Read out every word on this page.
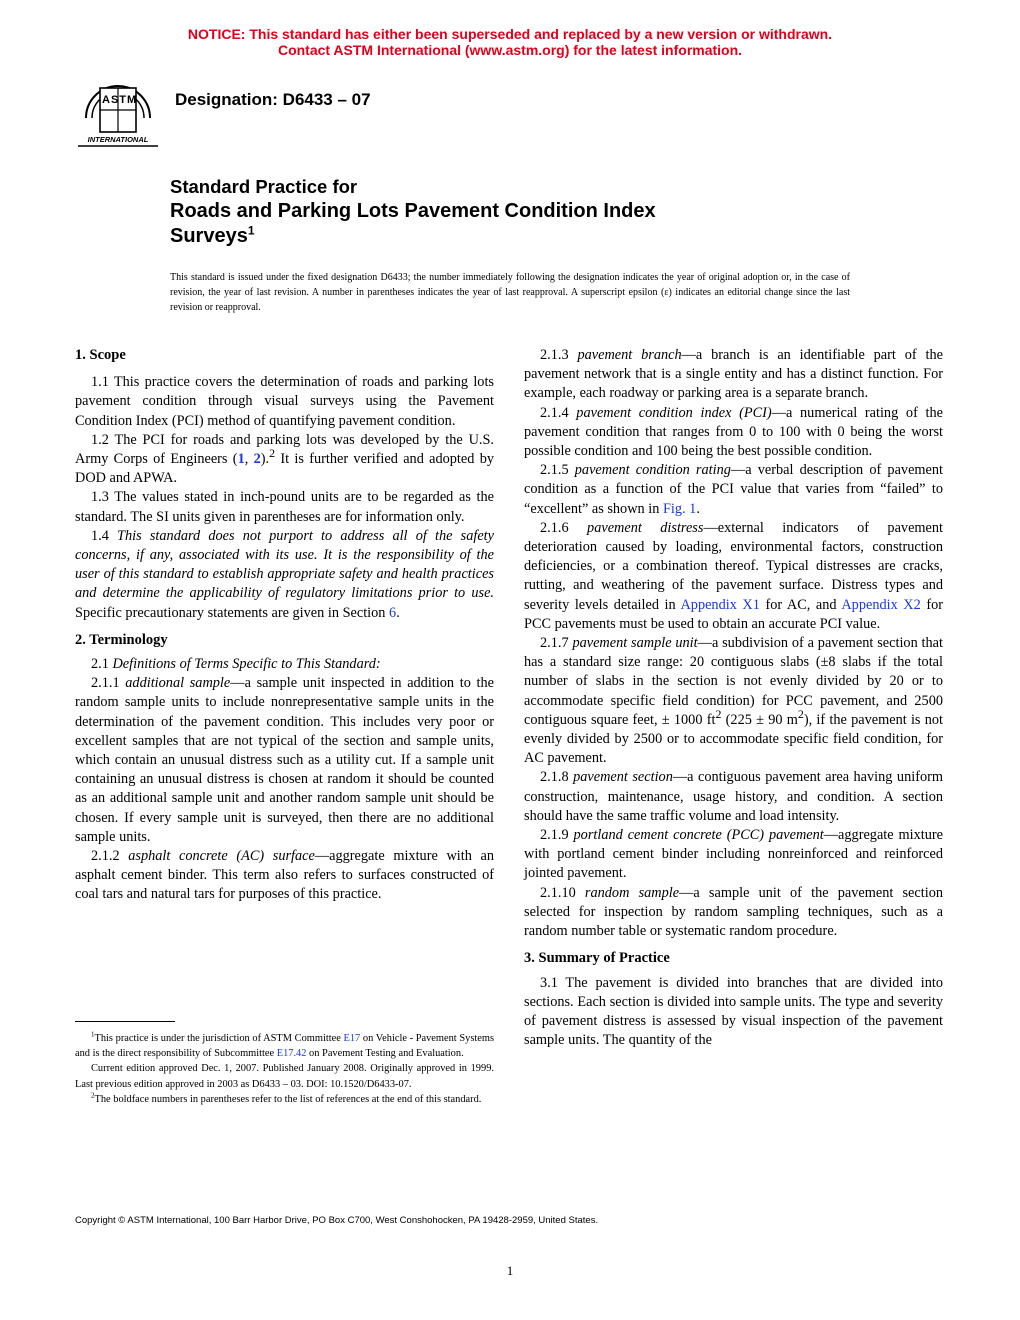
NOTICE: This standard has either been superseded and replaced by a new version or withdrawn.
Contact ASTM International (www.astm.org) for the latest information.
ASTM
INTERNATIONAL
Designation: D6433 – 07
Standard Practice for
Roads and Parking Lots Pavement Condition Index
Surveys$^1$
This standard is issued under the fixed designation D6433; the number immediately following the designation indicates the year of original adoption or, in the case of revision, the year of last revision. A number in parentheses indicates the year of last reapproval. A superscript epsilon (ε) indicates an editorial change since the last revision or reapproval.
1. Scope

1.1 This practice covers the determination of roads and parking lots pavement condition through visual surveys using the Pavement Condition Index (PCI) method of quantifying pavement condition.

1.2 The PCI for roads and parking lots was developed by the U.S. Army Corps of Engineers (1, 2).$^2$ It is further verified and adopted by DOD and APWA.

1.3 The values stated in inch-pound units are to be regarded as the standard. The SI units given in parentheses are for information only.

1.4 This standard does not purport to address all of the safety concerns, if any, associated with its use. It is the responsibility of the user of this standard to establish appropriate safety and health practices and determine the applicability of regulatory limitations prior to use. Specific precautionary statements are given in Section 6.

2. Terminology

2.1 Definitions of Terms Specific to This Standard:

2.1.1 additional sample—a sample unit inspected in addition to the random sample units to include nonrepresentative sample units in the determination of the pavement condition. This includes very poor or excellent samples that are not typical of the section and sample units, which contain an unusual distress such as a utility cut. If a sample unit containing an unusual distress is chosen at random it should be counted as an additional sample unit and another random sample unit should be chosen. If every sample unit is surveyed, then there are no additional sample units.

2.1.2 asphalt concrete (AC) surface—aggregate mixture with an asphalt cement binder. This term also refers to surfaces constructed of coal tars and natural tars for purposes of this practice.

$^1$This practice is under the jurisdiction of ASTM Committee E17 on Vehicle - Pavement Systems and is the direct responsibility of Subcommittee E17.42 on Pavement Testing and Evaluation.

Current edition approved Dec. 1, 2007. Published January 2008. Originally approved in 1999. Last previous edition approved in 2003 as D6433 – 03. DOI: 10.1520/D6433-07.

$^2$The boldface numbers in parentheses refer to the list of references at the end of this standard.

2.1.3 pavement branch—a branch is an identifiable part of the pavement network that is a single entity and has a distinct function. For example, each roadway or parking area is a separate branch.

2.1.4 pavement condition index (PCI)—a numerical rating of the pavement condition that ranges from 0 to 100 with 0 being the worst possible condition and 100 being the best possible condition.

2.1.5 pavement condition rating—a verbal description of pavement condition as a function of the PCI value that varies from “failed” to “excellent” as shown in Fig. 1.

2.1.6 pavement distress—external indicators of pavement deterioration caused by loading, environmental factors, construction deficiencies, or a combination thereof. Typical distresses are cracks, rutting, and weathering of the pavement surface. Distress types and severity levels detailed in Appendix X1 for AC, and Appendix X2 for PCC pavements must be used to obtain an accurate PCI value.

2.1.7 pavement sample unit—a subdivision of a pavement section that has a standard size range: 20 contiguous slabs (±8 slabs if the total number of slabs in the section is not evenly divided by 20 or to accommodate specific field condition) for PCC pavement, and 2500 contiguous square feet, ± 1000 $ft^2$ (225 ± 90 $m^2$), if the pavement is not evenly divided by 2500 or to accommodate specific field condition, for AC pavement.

2.1.8 pavement section—a contiguous pavement area having uniform construction, maintenance, usage history, and condition. A section should have the same traffic volume and load intensity.

2.1.9 portland cement concrete (PCC) pavement—aggregate mixture with portland cement binder including nonreinforced and reinforced jointed pavement.

2.1.10 random sample—a sample unit of the pavement section selected for inspection by random sampling techniques, such as a random number table or systematic random procedure.

3. Summary of Practice

3.1 The pavement is divided into branches that are divided into sections. Each section is divided into sample units. The type and severity of pavement distress is assessed by visual inspection of the pavement sample units. The quantity of the

Copyright © ASTM International, 100 Barr Harbor Drive, PO Box C700, West Conshohocken, PA 19428-2959, United States.
1
